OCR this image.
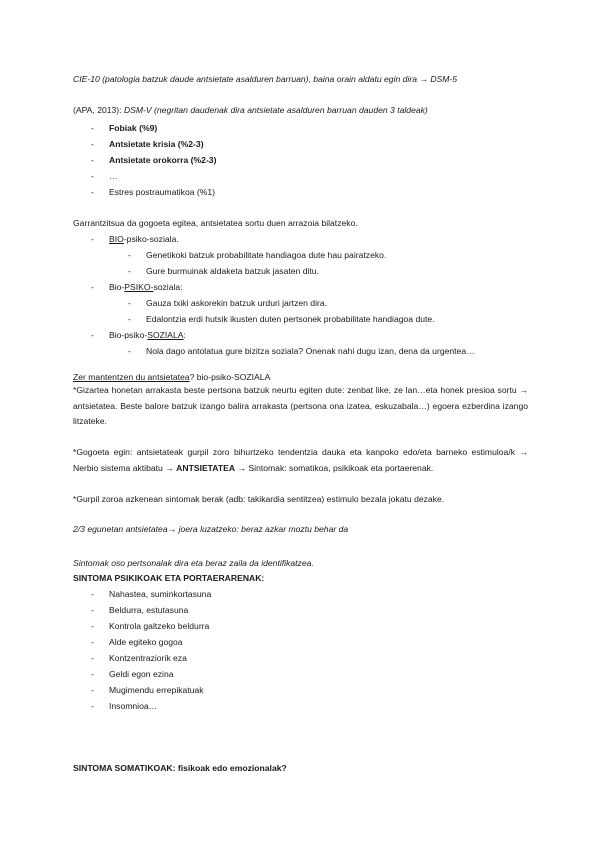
CIE-10 (patologia batzuk daude antsietate asalduren barruan), baina orain aldatu egin dira → DSM-5
(APA, 2013): DSM-V (negritan daudenak dira antsietate asalduren barruan dauden 3 taldeak)
- Fobiak (%9)
- Antsietate krisia (%2-3)
- Antsietate orokorra (%2-3)
- …
- Estres postraumatikoa (%1)
Garrantzitsua da gogoeta egitea, antsietatea sortu duen arrazoia bilatzeko.
- BIO-psiko-soziala.
- Genetikoki batzuk probabilitate handiagoa dute hau pairatzeko.
- Gure burmuinak aldaketa batzuk jasaten ditu.
- Bio-PSIKO-soziala:
- Gauza txiki askorekin batzuk urduri jartzen dira.
- Edalontzia erdi hutsik ikusten duten pertsonek probabilitate handiagoa dute.
- Bio-psiko-SOZIALA:
- Nola dago antolatua gure bizitza soziala? Onenak nahi dugu izan, dena da urgentea…
Zer mantentzen du antsietatea? bio-psiko-SOZIALA
*Gizartea honetan arrakasta beste pertsona batzuk neurtu egiten dute: zenbat like, ze lan…eta honek presioa sortu → antsietatea. Beste balore batzuk izango balira arrakasta (pertsona ona izatea, eskuzabala…) egoera ezberdina izango litzateke.
*Gogoeta egin: antsietateak gurpil zoro bihurtzeko tendentzia dauka eta kanpoko edo/eta barneko estimuloa/k → Nerbio sistema aktibatu → ANTSIETATEA → Sintomak: somatikoa, psikikoak eta portaerenak.
*Gurpil zoroa azkenean sintomak berak (adb: takikardia sentitzea) estimulo bezala jokatu dezake.
2/3 egunetan antsietatea→ joera luzatzeko: beraz azkar moztu behar da
Sintomak oso pertsonalak dira eta beraz zaila da identifikatzea.
SINTOMA PSIKIKOAK ETA PORTAERARENAK:
- Nahastea, suminkortasuna
- Beldurra, estutasuna
- Kontrola galtzeko beldurra
- Alde egiteko gogoa
- Kontzentraziorik eza
- Geldi egon ezina
- Mugimendu errepikatuak
- Insomnioa…
SINTOMA SOMATIKOAK: fisikoak edo emozionalak?
